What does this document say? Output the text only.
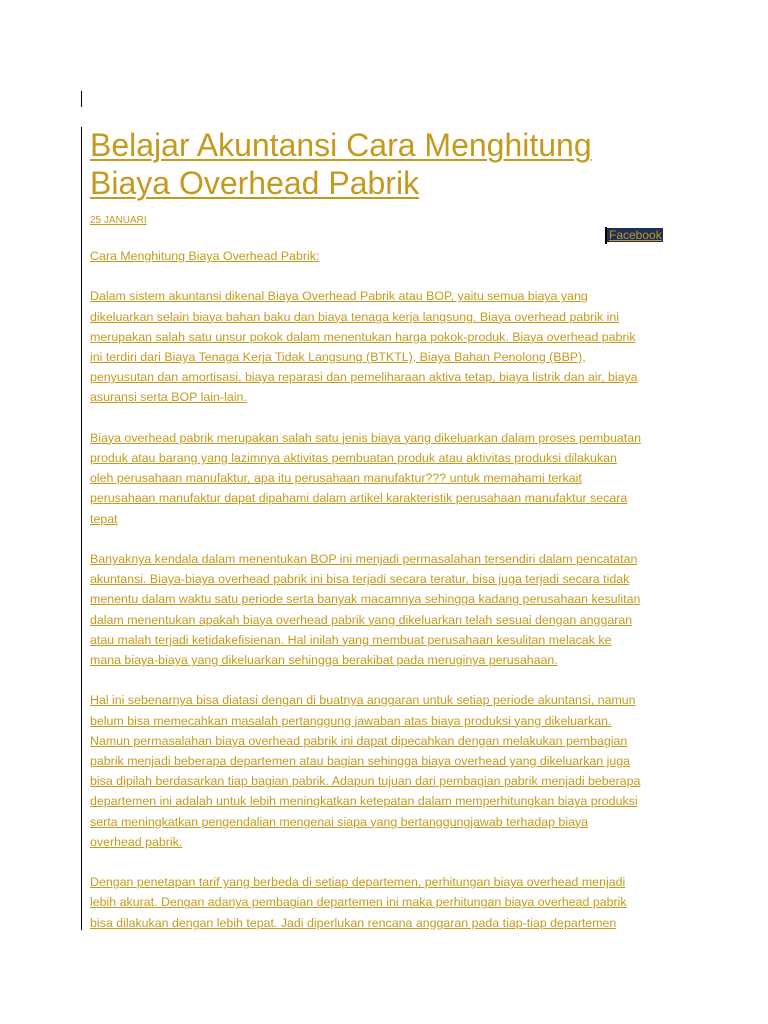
Belajar Akuntansi Cara Menghitung
Biaya Overhead Pabrik
25 JANUARI
Facebook

Cara Menghitung Biaya Overhead Pabrik:

Dalam sistem akuntansi dikenal Biaya Overhead Pabrik atau BOP, yaitu semua biaya yang
dikeluarkan selain biaya bahan baku dan biaya tenaga kerja langsung. Biaya overhead pabrik ini
merupakan salah satu unsur pokok dalam menentukan harga pokok-produk. Biaya overhead pabrik
ini terdiri dari Biaya Tenaga Kerja Tidak Langsung (BTKTL), Biaya Bahan Penolong (BBP),
penyusutan dan amortisasi, biaya reparasi dan pemeliharaan aktiva tetap, biaya listrik dan air, biaya
asuransi serta BOP lain-lain.

Biaya overhead pabrik merupakan salah satu jenis biaya yang dikeluarkan dalam proses pembuatan
produk atau barang yang lazimnya aktivitas pembuatan produk atau aktivitas produksi dilakukan
oleh perusahaan manufaktur, apa itu perusahaan manufaktur??? untuk memahami terkait
perusahaan manufaktur dapat dipahami dalam artikel karakteristik perusahaan manufaktur secara
tepat

Banyaknya kendala dalam menentukan BOP ini menjadi permasalahan tersendiri dalam pencatatan
akuntansi. Biaya-biaya overhead pabrik ini bisa terjadi secara teratur, bisa juga terjadi secara tidak
menentu dalam waktu satu periode serta banyak macamnya sehingga kadang perusahaan kesulitan
dalam menentukan apakah biaya overhead pabrik yang dikeluarkan telah sesuai dengan anggaran
atau malah terjadi ketidakefisienan. Hal inilah yang membuat perusahaan kesulitan melacak ke
mana biaya-biaya yang dikeluarkan sehingga berakibat pada meruginya perusahaan.

Hal ini sebenarnya bisa diatasi dengan di buatnya anggaran untuk setiap periode akuntansi, namun
belum bisa memecahkan masalah pertanggung jawaban atas biaya produksi yang dikeluarkan.
Namun permasalahan biaya overhead pabrik ini dapat dipecahkan dengan melakukan pembagian
pabrik menjadi beberapa departemen atau bagian sehingga biaya overhead yang dikeluarkan juga
bisa dipilah berdasarkan tiap bagian pabrik. Adapun tujuan dari pembagian pabrik menjadi beberapa
departemen ini adalah untuk lebih meningkatkan ketepatan dalam memperhitungkan biaya produksi
serta meningkatkan pengendalian mengenai siapa yang bertanggungjawab terhadap biaya
overhead pabrik.

Dengan penetapan tarif yang berbeda di setiap departemen, perhitungan biaya overhead menjadi
lebih akurat. Dengan adanya pembagian departemen ini maka perhitungan biaya overhead pabrik
bisa dilakukan dengan lebih tepat. Jadi diperlukan rencana anggaran pada tiap-tiap departemen
